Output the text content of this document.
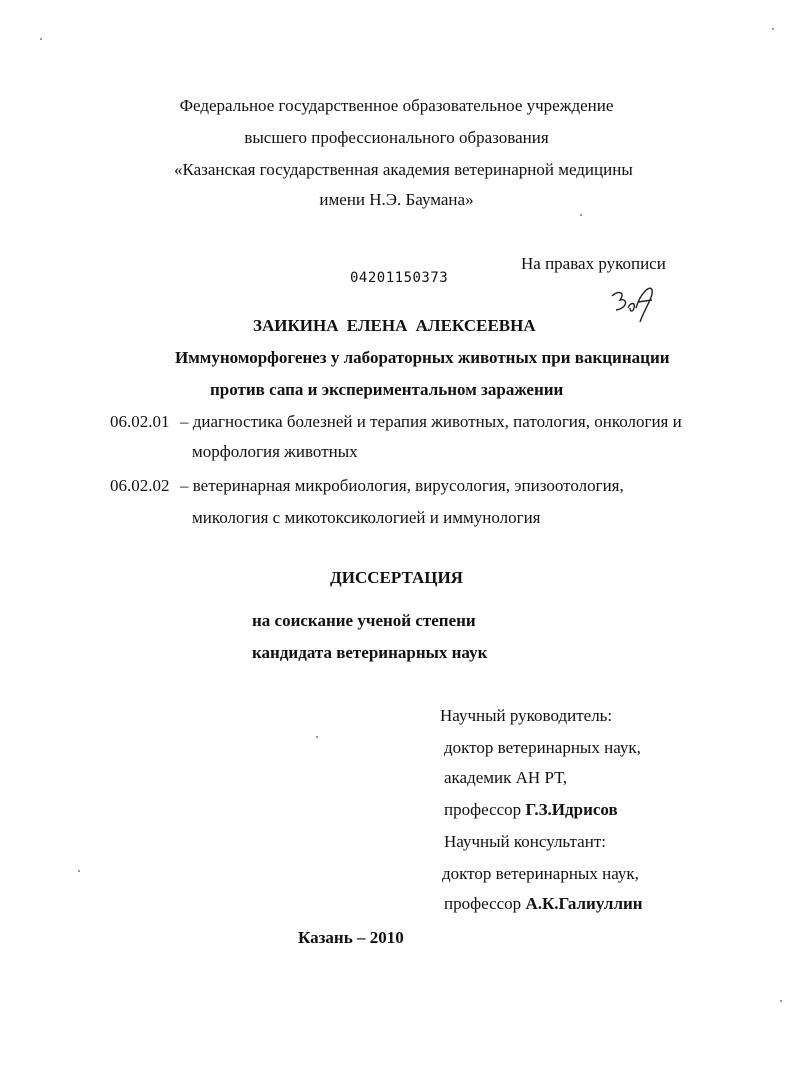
Федеральное государственное образовательное учреждение
высшего профессионального образования
«Казанская государственная академия ветеринарной медицины
имени Н.Э. Баумана»
04201150373
На правах рукописи
ЗАИКИНА ЕЛЕНА АЛЕКСЕЕВНА
Иммуноморфогенез у лабораторных животных при вакцинации
против сапа и экспериментальном заражении
06.02.01 – диагностика болезней и терапия животных, патология, онкология и
морфология животных
06.02.02 – ветеринарная микробиология, вирусология, эпизоотология,
микология с микотоксикологией и иммунология
ДИССЕРТАЦИЯ
на соискание ученой степени
кандидата ветеринарных наук
Научный руководитель:
доктор ветеринарных наук,
академик АН РТ,
профессор Г.З.Идрисов
Научный консультант:
доктор ветеринарных наук,
профессор А.К.Галиуллин
Казань – 2010
